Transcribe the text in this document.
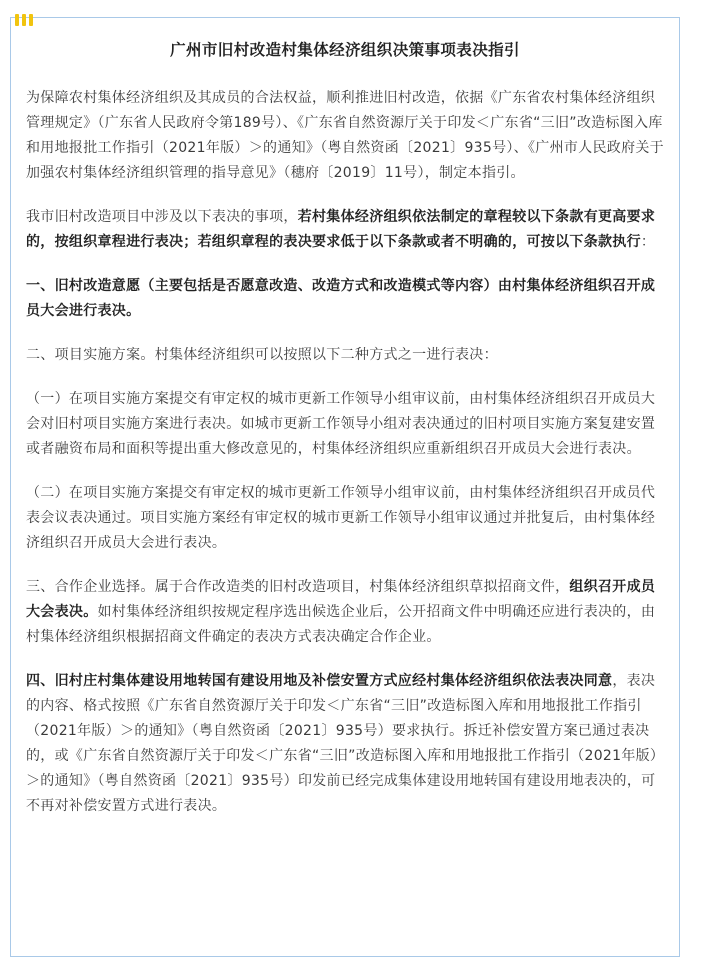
广州市旧村改造村集体经济组织决策事项表决指引

为保障农村集体经济组织及其成员的合法权益，顺利推进旧村改造，依据《广东省农村集体经济组织管理规定》（广东省人民政府令第189号）、《广东省自然资源厅关于印发＜广东省“三旧”改造标图入库和用地报批工作指引（2021年版）＞的通知》（粤自然资函〔2021〕935号）、《广州市人民政府关于加强农村集体经济组织管理的指导意见》（穗府〔2019〕11号），制定本指引。

我市旧村改造项目中涉及以下表决的事项，若村集体经济组织依法制定的章程较以下条款有更高要求的，按组织章程进行表决；若组织章程的表决要求低于以下条款或者不明确的，可按以下条款执行：

一、旧村改造意愿（主要包括是否愿意改造、改造方式和改造模式等内容）由村集体经济组织召开成员大会进行表决。

二、项目实施方案。村集体经济组织可以按照以下二种方式之一进行表决：

（一）在项目实施方案提交有审定权的城市更新工作领导小组审议前，由村集体经济组织召开成员大会对旧村项目实施方案进行表决。如城市更新工作领导小组对表决通过的旧村项目实施方案复建安置或者融资布局和面积等提出重大修改意见的，村集体经济组织应重新组织召开成员大会进行表决。

（二）在项目实施方案提交有审定权的城市更新工作领导小组审议前，由村集体经济组织召开成员代表会议表决通过。项目实施方案经有审定权的城市更新工作领导小组审议通过并批复后，由村集体经济组织召开成员大会进行表决。

三、合作企业选择。属于合作改造类的旧村改造项目，村集体经济组织草拟招商文件，组织召开成员大会表决。如村集体经济组织按规定程序选出候选企业后，公开招商文件中明确还应进行表决的，由村集体经济组织根据招商文件确定的表决方式表决确定合作企业。

四、旧村庄村集体建设用地转国有建设用地及补偿安置方式应经村集体经济组织依法表决同意，表决的内容、格式按照《广东省自然资源厅关于印发＜广东省“三旧”改造标图入库和用地报批工作指引（2021年版）＞的通知》（粤自然资函〔2021〕935号）要求执行。拆迁补偿安置方案已通过表决的，或《广东省自然资源厅关于印发＜广东省“三旧”改造标图入库和用地报批工作指引（2021年版）＞的通知》（粤自然资函〔2021〕935号）印发前已经完成集体建设用地转国有建设用地表决的，可不再对补偿安置方式进行表决。
